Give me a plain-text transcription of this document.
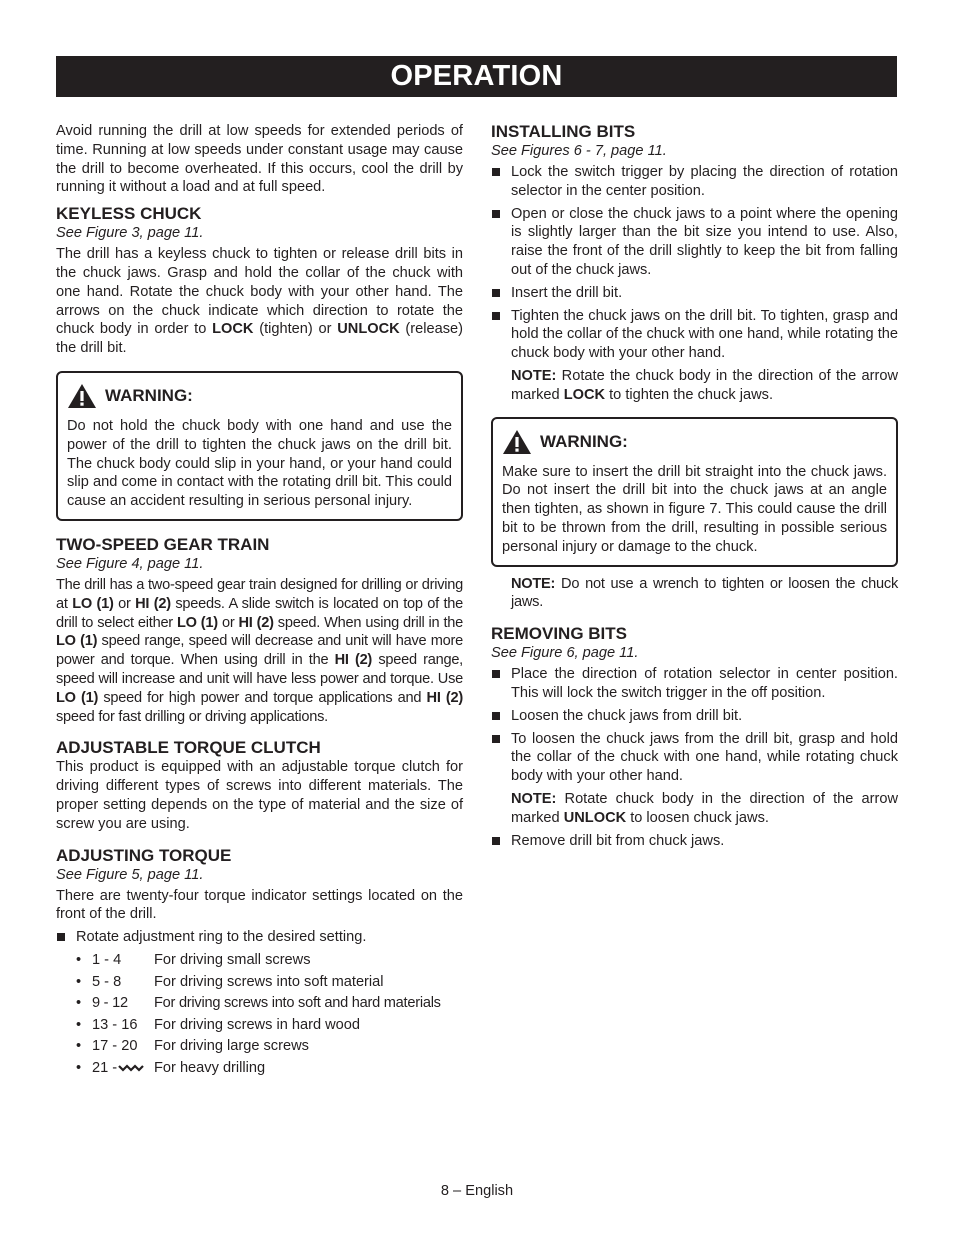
OPERATION

Avoid running the drill at low speeds for extended periods of time. Running at low speeds under constant usage may cause the drill to become overheated. If this occurs, cool the drill by running it without a load and at full speed.

KEYLESS CHUCK
See Figure 3, page 11.

The drill has a keyless chuck to tighten or release drill bits in the chuck jaws. Grasp and hold the collar of the chuck with one hand. Rotate the chuck body with your other hand. The arrows on the chuck indicate which direction to rotate the chuck body in order to LOCK (tighten) or UNLOCK (release) the drill bit.

WARNING:

Do not hold the chuck body with one hand and use the power of the drill to tighten the chuck jaws on the drill bit. The chuck body could slip in your hand, or your hand could slip and come in contact with the rotating drill bit. This could cause an accident resulting in serious personal injury.

TWO-SPEED GEAR TRAIN
See Figure 4, page 11.

The drill has a two-speed gear train designed for drilling or driving at LO (1) or HI (2) speeds. A slide switch is located on top of the drill to select either LO (1) or HI (2) speed. When using drill in the LO (1) speed range, speed will decrease and unit will have more power and torque. When using drill in the HI (2) speed range, speed will increase and unit will have less power and torque. Use LO (1) speed for high power and torque applications and HI (2) speed for fast drilling or driving applications.

ADJUSTABLE TORQUE CLUTCH

This product is equipped with an adjustable torque clutch for driving different types of screws into different materials. The proper setting depends on the type of material and the size of screw you are using.

ADJUSTING TORQUE
See Figure 5, page 11.

There are twenty-four torque indicator settings located on the front of the drill.

Rotate adjustment ring to the desired setting.
• 1 - 4	For driving small screws
• 5 - 8	For driving screws into soft material
• 9 - 12	For driving screws into soft and hard materials
• 13 - 16	For driving screws in hard wood
• 17 - 20	For driving large screws
• 21 -	For heavy drilling
INSTALLING BITS
See Figures 6 - 7, page 11.
Lock the switch trigger by placing the direction of rotation selector in the center position.
Open or close the chuck jaws to a point where the opening is slightly larger than the bit size you intend to use. Also, raise the front of the drill slightly to keep the bit from falling out of the chuck jaws.
Insert the drill bit.
Tighten the chuck jaws on the drill bit. To tighten, grasp and hold the collar of the chuck with one hand, while rotating the chuck body with your other hand.
NOTE: Rotate the chuck body in the direction of the arrow marked LOCK to tighten the chuck jaws.
WARNING:

Make sure to insert the drill bit straight into the chuck jaws. Do not insert the drill bit into the chuck jaws at an angle then tighten, as shown in figure 7. This could cause the drill bit to be thrown from the drill, resulting in possible serious personal injury or damage to the chuck.

NOTE: Do not use a wrench to tighten or loosen the chuck jaws.
REMOVING BITS
See Figure 6, page 11.
Place the direction of rotation selector in center position. This will lock the switch trigger in the off position.
Loosen the chuck jaws from drill bit.
To loosen the chuck jaws from the drill bit, grasp and hold the collar of the chuck with one hand, while rotating chuck body with your other hand.
NOTE: Rotate chuck body in the direction of the arrow marked UNLOCK to loosen chuck jaws.
Remove drill bit from chuck jaws.
8 – English
